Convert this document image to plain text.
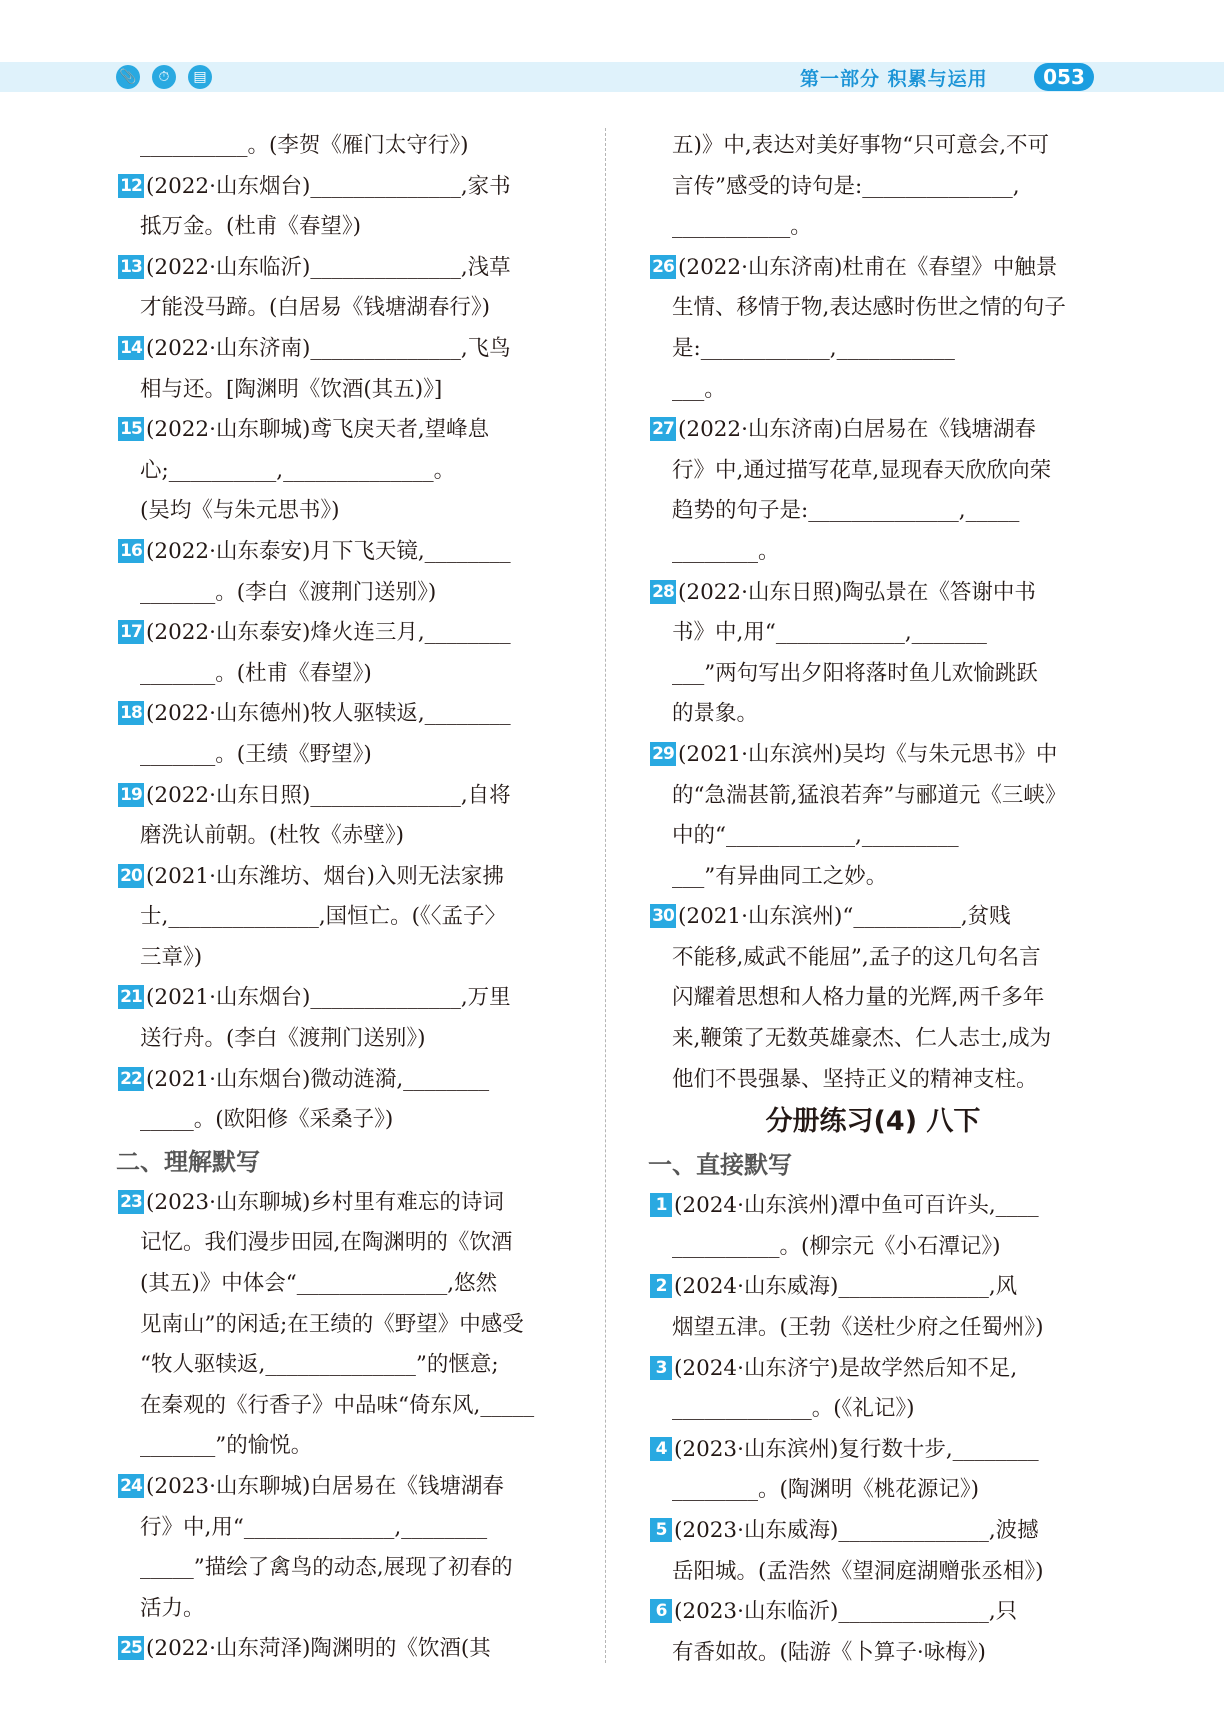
📎	⏱	▤	第一部分 积累与运用	053
__________。(李贺《雁门太守行》)
12 (2022·山东烟台)______________,家书
抵万金。(杜甫《春望》)
13 (2022·山东临沂)______________,浅草
才能没马蹄。(白居易《钱塘湖春行》)
14 (2022·山东济南)______________,飞鸟
相与还。[陶渊明《饮酒(其五)》]
15 (2022·山东聊城)鸢飞戾天者,望峰息
心;__________,______________。
(吴均《与朱元思书》)
16 (2022·山东泰安)月下飞天镜,________
_______。(李白《渡荆门送别》)
17 (2022·山东泰安)烽火连三月,________
_______。(杜甫《春望》)
18 (2022·山东德州)牧人驱犊返,________
_______。(王绩《野望》)
19 (2022·山东日照)______________,自将
磨洗认前朝。(杜牧《赤壁》)
20 (2021·山东潍坊、烟台)入则无法家拂
士,______________,国恒亡。(《〈孟子〉
三章》)
21 (2021·山东烟台)______________,万里
送行舟。(李白《渡荆门送别》)
22 (2021·山东烟台)微动涟漪,________
_____。(欧阳修《采桑子》)
二、理解默写
23 (2023·山东聊城)乡村里有难忘的诗词
记忆。我们漫步田园,在陶渊明的《饮酒
(其五)》中体会“______________,悠然
见南山”的闲适;在王绩的《野望》中感受
“牧人驱犊返,______________”的惬意;
在秦观的《行香子》中品味“倚东风,_____
_______”的愉悦。
24 (2023·山东聊城)白居易在《钱塘湖春
行》中,用“______________,________
_____”描绘了禽鸟的动态,展现了初春的
活力。
25 (2022·山东菏泽)陶渊明的《饮酒(其
五)》中,表达对美好事物“只可意会,不可
言传”感受的诗句是:______________,
___________。
26 (2022·山东济南)杜甫在《春望》中触景
生情、移情于物,表达感时伤世之情的句子
是:____________,___________
___。
27 (2022·山东济南)白居易在《钱塘湖春
行》中,通过描写花草,显现春天欣欣向荣
趋势的句子是:______________,_____
________。
28 (2022·山东日照)陶弘景在《答谢中书
书》中,用“____________,_______
___”两句写出夕阳将落时鱼儿欢愉跳跃
的景象。
29 (2021·山东滨州)吴均《与朱元思书》中
的“急湍甚箭,猛浪若奔”与郦道元《三峡》
中的“____________,_________
___”有异曲同工之妙。
30 (2021·山东滨州)“__________,贫贱
不能移,威武不能屈”,孟子的这几句名言
闪耀着思想和人格力量的光辉,两千多年
来,鞭策了无数英雄豪杰、仁人志士,成为
他们不畏强暴、坚持正义的精神支柱。
分册练习(4) 八下
一、直接默写
1 (2024·山东滨州)潭中鱼可百许头,____
__________。(柳宗元《小石潭记》)
2 (2024·山东威海)______________,风
烟望五津。(王勃《送杜少府之任蜀州》)
3 (2024·山东济宁)是故学然后知不足,
_____________。(《礼记》)
4 (2023·山东滨州)复行数十步,________
________。(陶渊明《桃花源记》)
5 (2023·山东威海)______________,波撼
岳阳城。(孟浩然《望洞庭湖赠张丞相》)
6 (2023·山东临沂)______________,只
有香如故。(陆游《卜算子·咏梅》)
